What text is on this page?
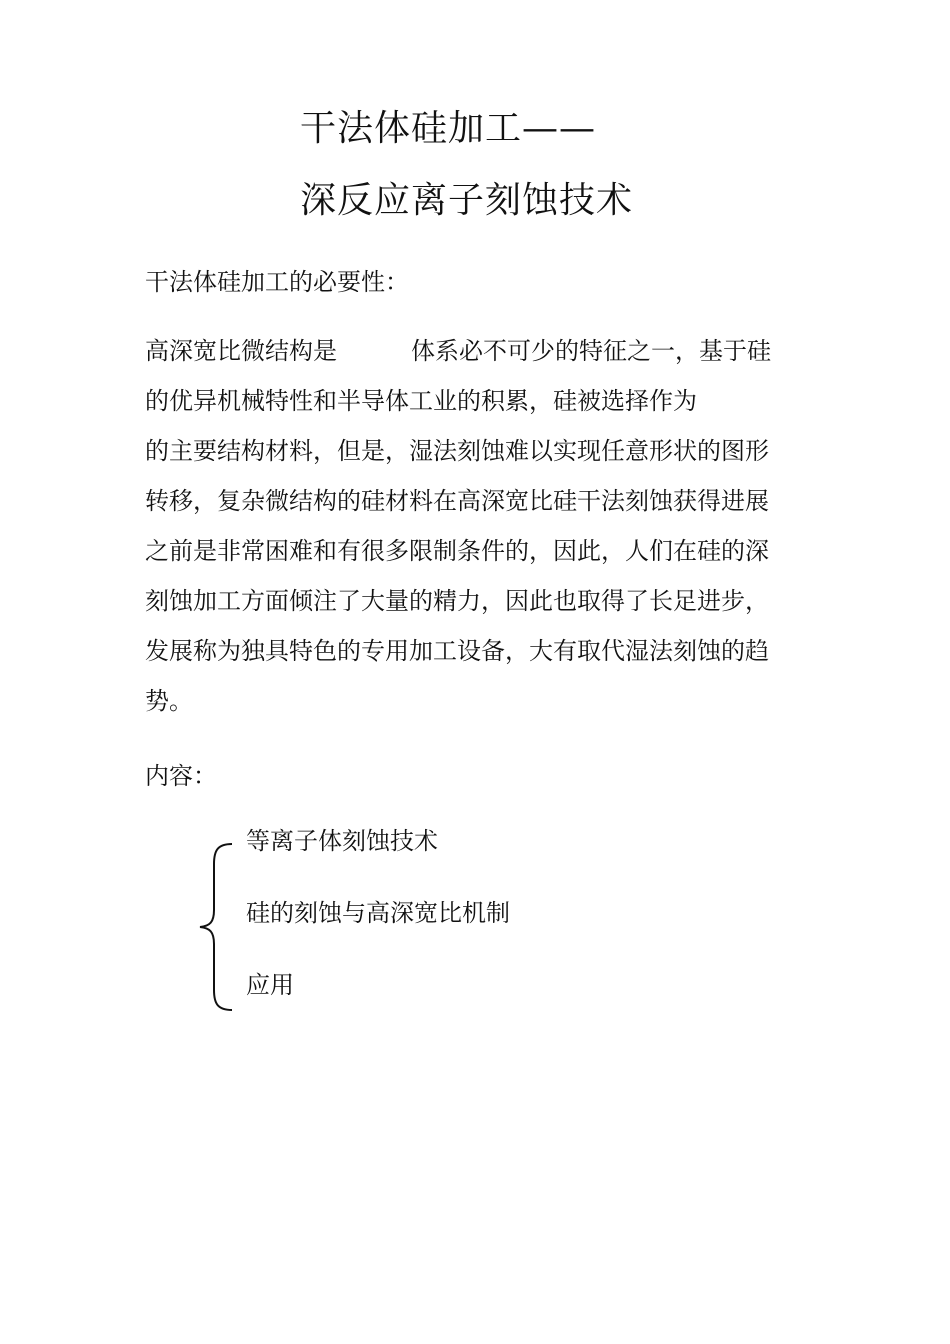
干法体硅加工——
深反应离子刻蚀技术
干法体硅加工的必要性：
高深宽比微结构是	体系必不可少的特征之一，基于硅
的优异机械特性和半导体工业的积累，硅被选择作为
的主要结构材料，但是，湿法刻蚀难以实现任意形状的图形
转移，复杂微结构的硅材料在高深宽比硅干法刻蚀获得进展
之前是非常困难和有很多限制条件的，因此，人们在硅的深
刻蚀加工方面倾注了大量的精力，因此也取得了长足进步，
发展称为独具特色的专用加工设备，大有取代湿法刻蚀的趋
势。
内容：
等离子体刻蚀技术
硅的刻蚀与高深宽比机制
应用
